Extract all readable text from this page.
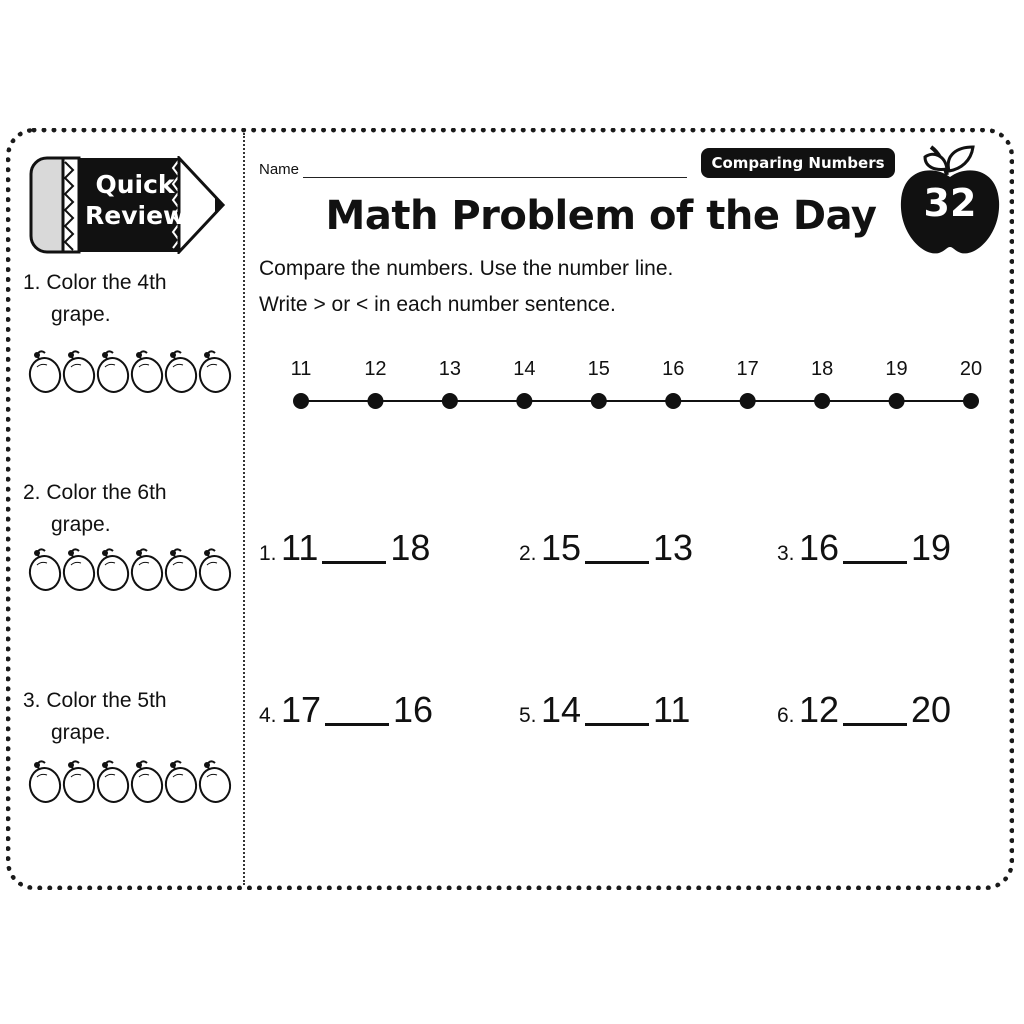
Quick
Review
1. Color the 4th
grape.
2. Color the 6th
grape.
3. Color the 5th
grape.
Name	Comparing Numbers
Math Problem of the Day	32
Compare the numbers. Use the number line.
Write > or < in each number sentence.
11	12	13	14	15	16	17	18	19	20
1. 11 18	2. 15 13	3. 16 19
4. 17 16	5. 14 11	6. 12 20
